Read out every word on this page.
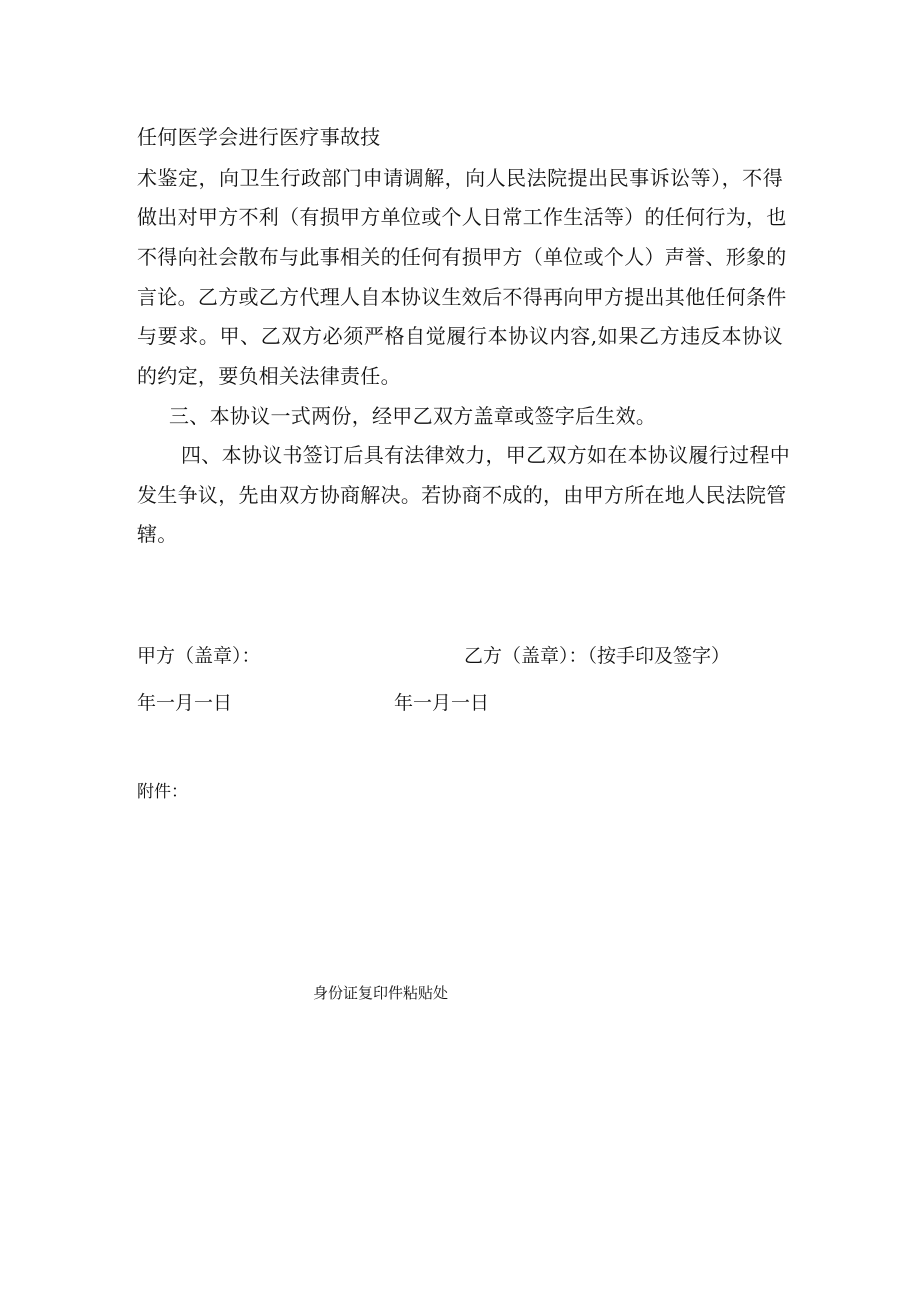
任何医学会进行医疗事故技
术鉴定，向卫生行政部门申请调解，向人民法院提出民事诉讼等），不得
做出对甲方不利（有损甲方单位或个人日常工作生活等）的任何行为，也
不得向社会散布与此事相关的任何有损甲方（单位或个人）声誉、形象的
言论。乙方或乙方代理人自本协议生效后不得再向甲方提出其他任何条件
与要求。甲、乙双方必须严格自觉履行本协议内容,如果乙方违反本协议
的约定，要负相关法律责任。
三、本协议一式两份，经甲乙双方盖章或签字后生效。
四、本协议书签订后具有法律效力，甲乙双方如在本协议履行过程中
发生争议，先由双方协商解决。若协商不成的，由甲方所在地人民法院管
辖。
甲方（盖章）：	乙方（盖章）：（按手印及签字）
年一月一日	年一月一日
附件：
身份证复印件粘贴处
